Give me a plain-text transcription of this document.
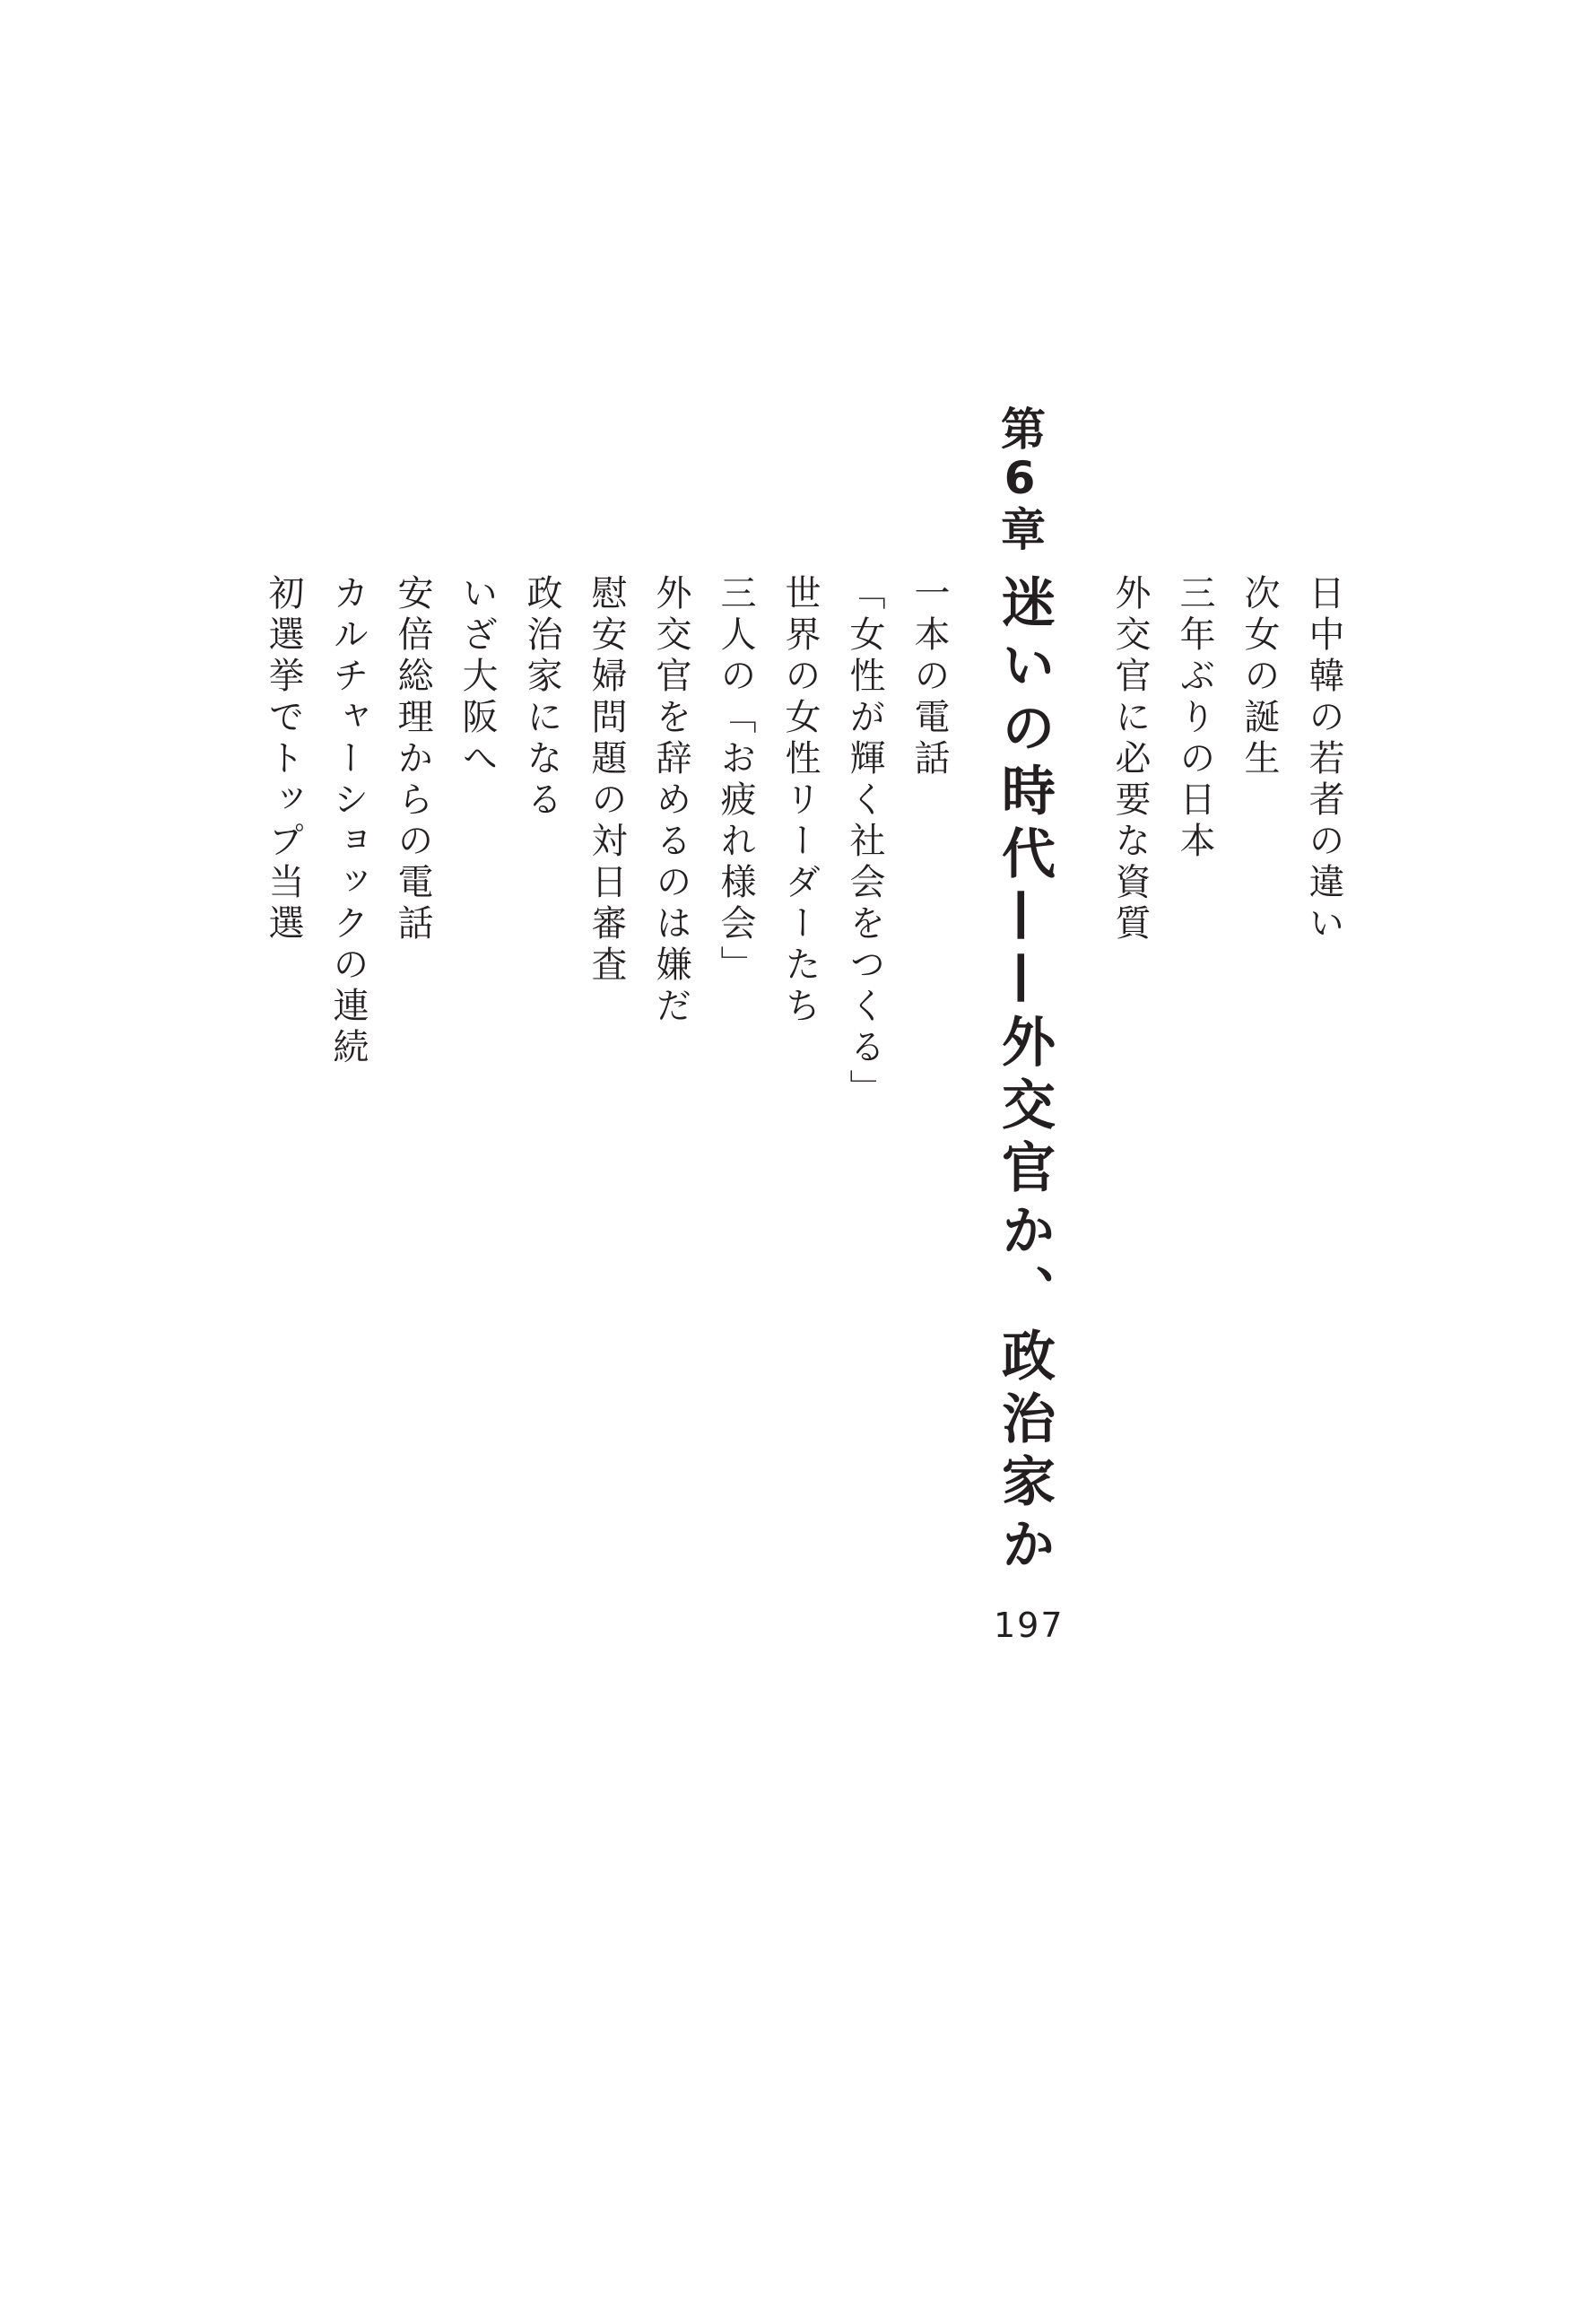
日中韓の若者の違い
次女の誕生
三年ぶりの日本
外交官に必要な資質
第6章
迷いの時代——外交官か、政治家か
一本の電話
「女性が輝く社会をつくる」
世界の女性リーダーたち
三人の「お疲れ様会」
外交官を辞めるのは嫌だ
慰安婦問題の対日審査
政治家になる
いざ大阪へ
安倍総理からの電話
カルチャーショックの連続
初選挙でトップ当選
197
